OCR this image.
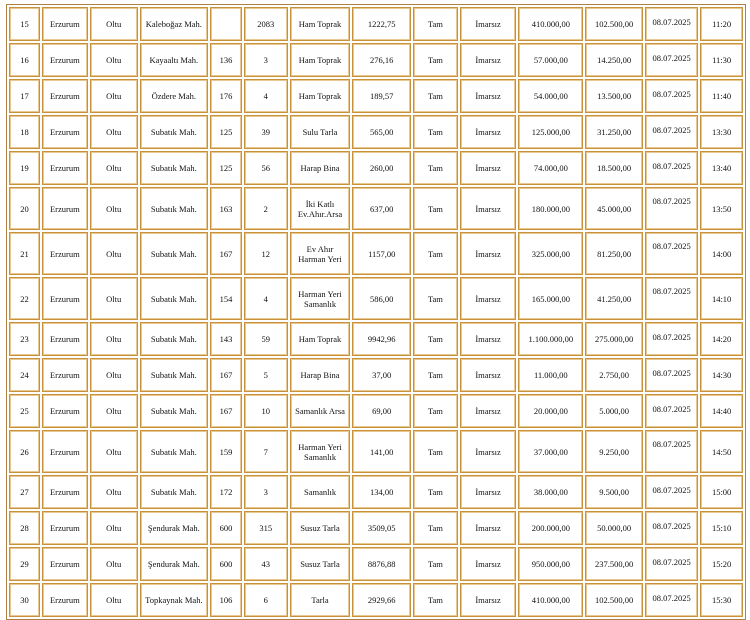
15	Erzurum	Oltu	Kaleboğaz Mah.		2083	Ham Toprak	1222,75	Tam	İmarsız	410.000,00	102.500,00	08.07.2025	11:20
16	Erzurum	Oltu	Kayaaltı Mah.	136	3	Ham Toprak	276,16	Tam	İmarsız	57.000,00	14.250,00	08.07.2025	11:30
17	Erzurum	Oltu	Özdere Mah.	176	4	Ham Toprak	189,57	Tam	İmarsız	54.000,00	13.500,00	08.07.2025	11:40
18	Erzurum	Oltu	Subatık Mah.	125	39	Sulu Tarla	565,00	Tam	İmarsız	125.000,00	31.250,00	08.07.2025	13:30
19	Erzurum	Oltu	Subatık Mah.	125	56	Harap Bina	260,00	Tam	İmarsız	74.000,00	18.500,00	08.07.2025	13:40
20	Erzurum	Oltu	Subatık Mah.	163	2	İki Katlı Ev.Ahır.Arsa	637,00	Tam	İmarsız	180.000,00	45.000,00	08.07.2025	13:50
21	Erzurum	Oltu	Subatık Mah.	167	12	Ev Ahır Harman Yeri	1157,00	Tam	İmarsız	325.000,00	81.250,00	08.07.2025	14:00
22	Erzurum	Oltu	Subatık Mah.	154	4	Harman Yeri Samanlık	586,00	Tam	İmarsız	165.000,00	41.250,00	08.07.2025	14:10
23	Erzurum	Oltu	Subatık Mah.	143	59	Ham Toprak	9942,96	Tam	İmarsız	1.100.000,00	275.000,00	08.07.2025	14:20
24	Erzurum	Oltu	Subatık Mah.	167	5	Harap Bina	37,00	Tam	İmarsız	11.000,00	2.750,00	08.07.2025	14:30
25	Erzurum	Oltu	Subatık Mah.	167	10	Samanlık Arsa	69,00	Tam	İmarsız	20.000,00	5.000,00	08.07.2025	14:40
26	Erzurum	Oltu	Subatık Mah.	159	7	Harman Yeri Samanlık	141,00	Tam	İmarsız	37.000,00	9.250,00	08.07.2025	14:50
27	Erzurum	Oltu	Subatık Mah.	172	3	Samanlık	134,00	Tam	İmarsız	38.000,00	9.500,00	08.07.2025	15:00
28	Erzurum	Oltu	Şendurak Mah.	600	315	Susuz Tarla	3509,05	Tam	İmarsız	200.000,00	50.000,00	08.07.2025	15:10
29	Erzurum	Oltu	Şendurak Mah.	600	43	Susuz Tarla	8876,88	Tam	İmarsız	950.000,00	237.500,00	08.07.2025	15:20
30	Erzurum	Oltu	Topkaynak Mah.	106	6	Tarla	2929,66	Tam	İmarsız	410.000,00	102.500,00	08.07.2025	15:30
